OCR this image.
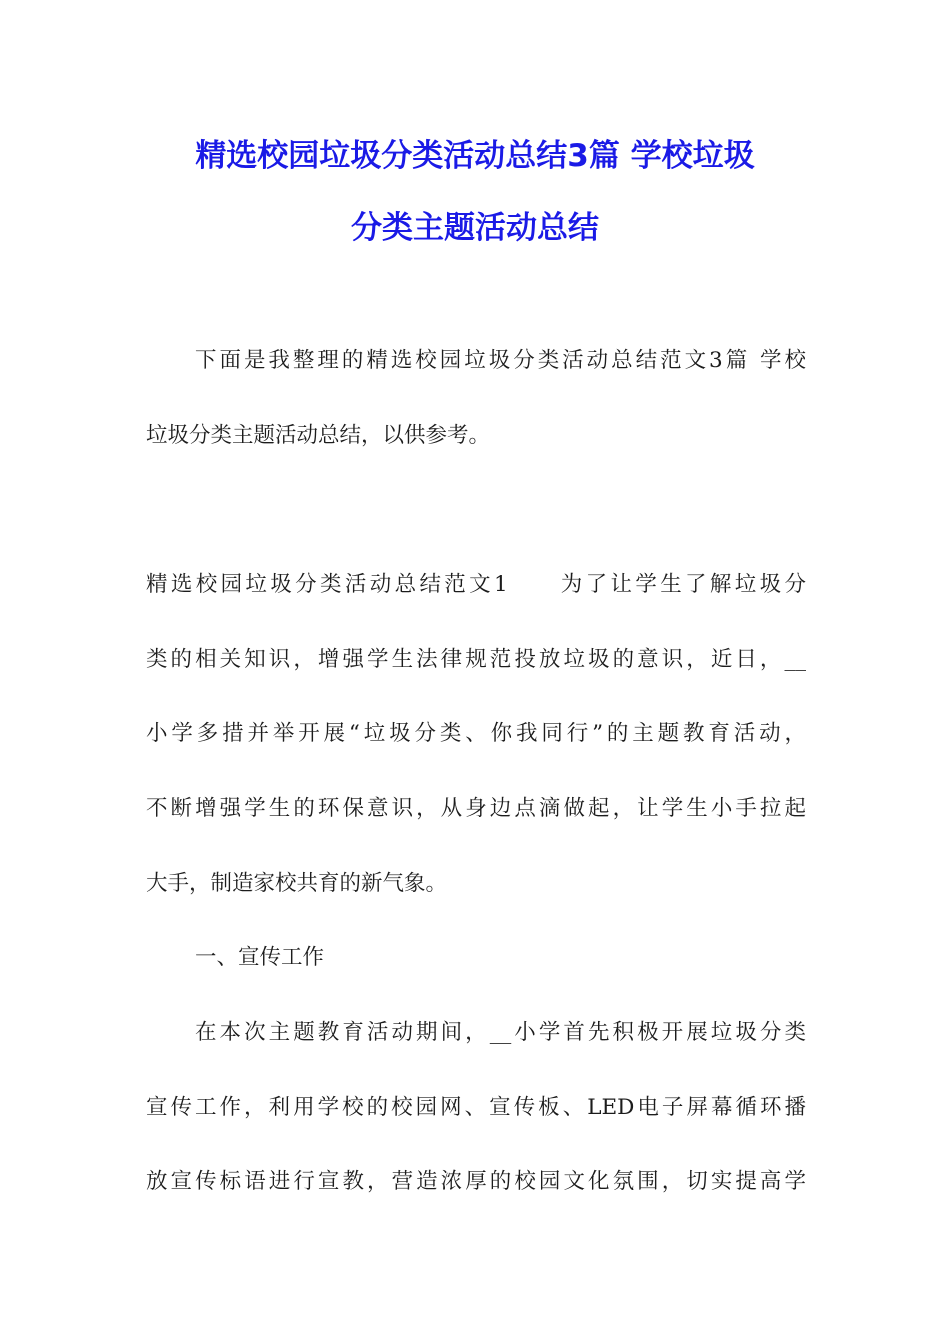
精选校园垃圾分类活动总结3篇 学校垃圾
分类主题活动总结
下面是我整理的精选校园垃圾分类活动总结范文3篇 学校
垃圾分类主题活动总结，以供参考。
精选校园垃圾分类活动总结范文1　　为了让学生了解垃圾分
类的相关知识，增强学生法律规范投放垃圾的意识，近日，__
小学多措并举开展“垃圾分类、你我同行”的主题教育活动，
不断增强学生的环保意识，从身边点滴做起，让学生小手拉起
大手，制造家校共育的新气象。
一、宣传工作
在本次主题教育活动期间，__小学首先积极开展垃圾分类
宣传工作，利用学校的校园网、宣传板、LED电子屏幕循环播
放宣传标语进行宣教，营造浓厚的校园文化氛围，切实提高学
